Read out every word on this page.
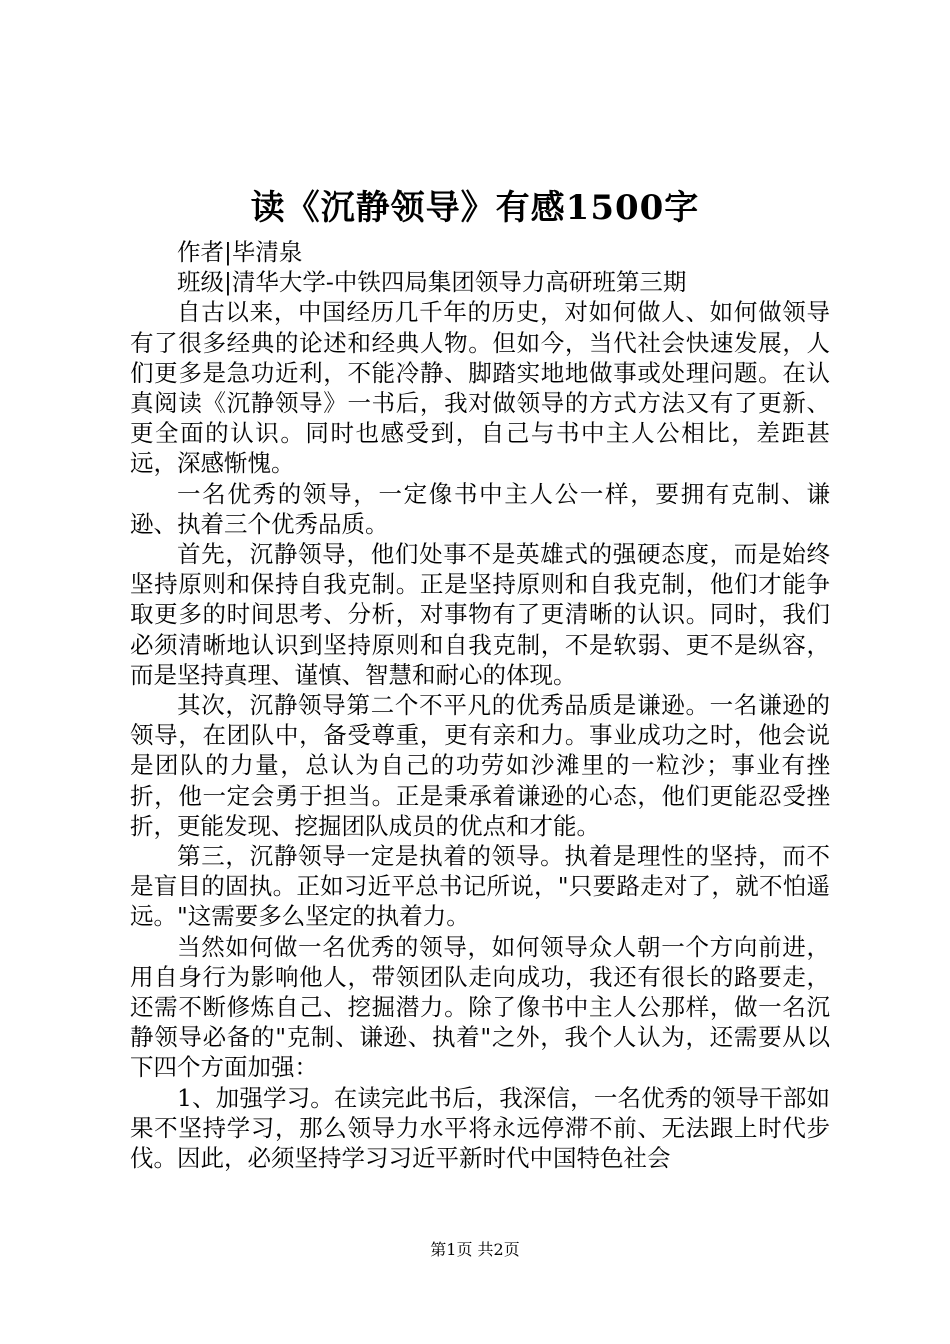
读《沉静领导》有感1500字

作者|毕清泉

班级|清华大学-中铁四局集团领导力高研班第三期

自古以来，中国经历几千年的历史，对如何做人、如何做领导有了很多经典的论述和经典人物。但如今，当代社会快速发展，人们更多是急功近利，不能冷静、脚踏实地地做事或处理问题。在认真阅读《沉静领导》一书后，我对做领导的方式方法又有了更新、更全面的认识。同时也感受到，自己与书中主人公相比，差距甚远，深感惭愧。

一名优秀的领导，一定像书中主人公一样，要拥有克制、谦逊、执着三个优秀品质。

首先，沉静领导，他们处事不是英雄式的强硬态度，而是始终坚持原则和保持自我克制。正是坚持原则和自我克制，他们才能争取更多的时间思考、分析，对事物有了更清晰的认识。同时，我们必须清晰地认识到坚持原则和自我克制，不是软弱、更不是纵容，而是坚持真理、谨慎、智慧和耐心的体现。

其次，沉静领导第二个不平凡的优秀品质是谦逊。一名谦逊的领导，在团队中，备受尊重，更有亲和力。事业成功之时，他会说是团队的力量，总认为自己的功劳如沙滩里的一粒沙；事业有挫折，他一定会勇于担当。正是秉承着谦逊的心态，他们更能忍受挫折，更能发现、挖掘团队成员的优点和才能。

第三，沉静领导一定是执着的领导。执着是理性的坚持，而不是盲目的固执。正如习近平总书记所说，"只要路走对了，就不怕遥远。"这需要多么坚定的执着力。

当然如何做一名优秀的领导，如何领导众人朝一个方向前进，用自身行为影响他人，带领团队走向成功，我还有很长的路要走，还需不断修炼自己、挖掘潜力。除了像书中主人公那样，做一名沉静领导必备的"克制、谦逊、执着"之外，我个人认为，还需要从以下四个方面加强：

1、加强学习。在读完此书后，我深信，一名优秀的领导干部如果不坚持学习，那么领导力水平将永远停滞不前、无法跟上时代步伐。因此，必须坚持学习习近平新时代中国特色社会

第1页 共2页
